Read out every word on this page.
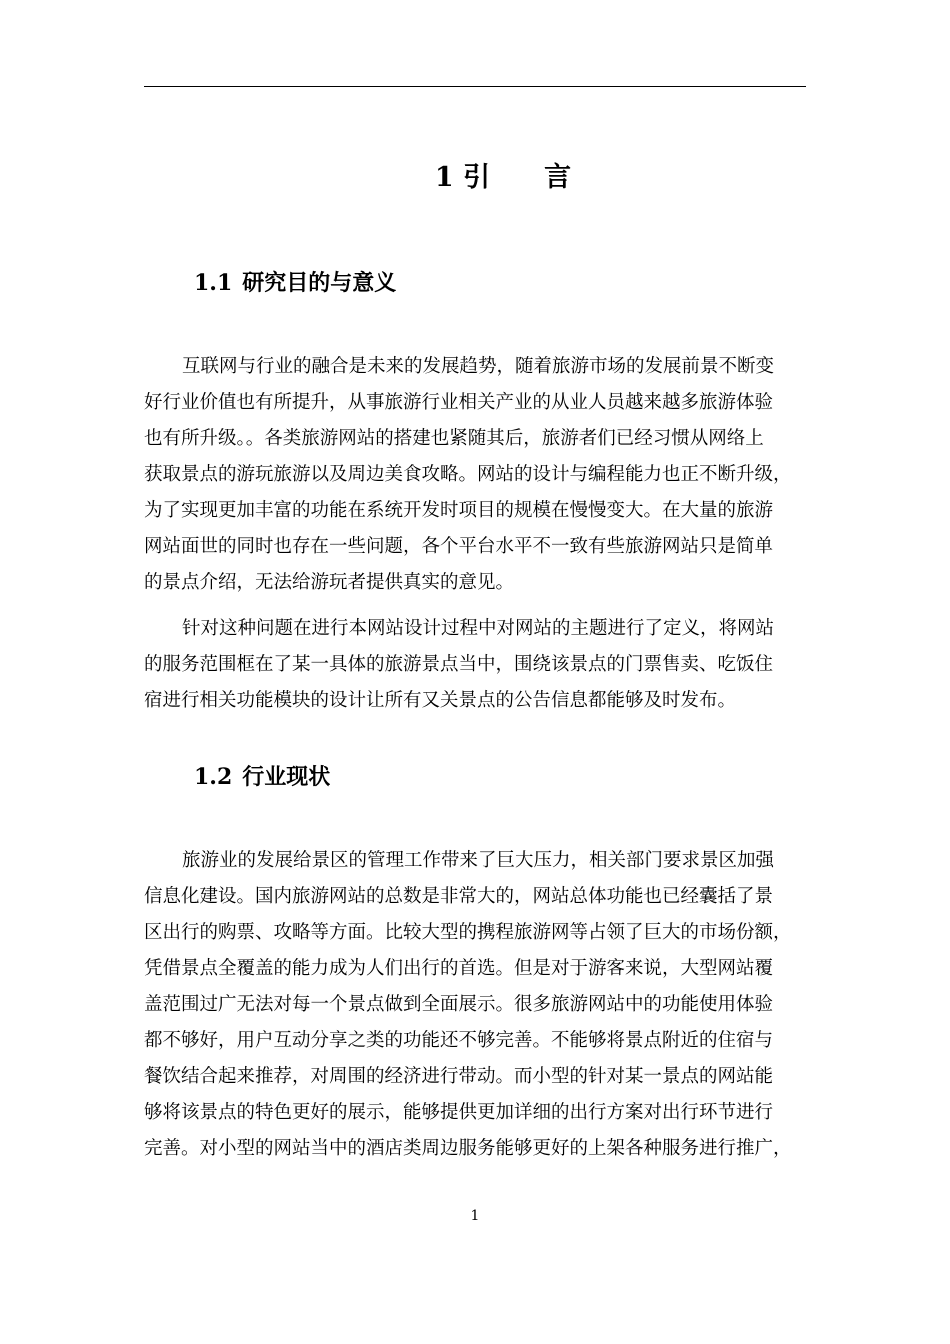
1 引　　言
1.1 研究目的与意义
互联网与行业的融合是未来的发展趋势，随着旅游市场的发展前景不断变
好行业价值也有所提升，从事旅游行业相关产业的从业人员越来越多旅游体验
也有所升级。。各类旅游网站的搭建也紧随其后，旅游者们已经习惯从网络上
获取景点的游玩旅游以及周边美食攻略。网站的设计与编程能力也正不断升级，
为了实现更加丰富的功能在系统开发时项目的规模在慢慢变大。在大量的旅游
网站面世的同时也存在一些问题，各个平台水平不一致有些旅游网站只是简单
的景点介绍，无法给游玩者提供真实的意见。
针对这种问题在进行本网站设计过程中对网站的主题进行了定义，将网站
的服务范围框在了某一具体的旅游景点当中，围绕该景点的门票售卖、吃饭住
宿进行相关功能模块的设计让所有又关景点的公告信息都能够及时发布。
1.2 行业现状
旅游业的发展给景区的管理工作带来了巨大压力，相关部门要求景区加强
信息化建设。国内旅游网站的总数是非常大的，网站总体功能也已经囊括了景
区出行的购票、攻略等方面。比较大型的携程旅游网等占领了巨大的市场份额，
凭借景点全覆盖的能力成为人们出行的首选。但是对于游客来说，大型网站覆
盖范围过广无法对每一个景点做到全面展示。很多旅游网站中的功能使用体验
都不够好，用户互动分享之类的功能还不够完善。不能够将景点附近的住宿与
餐饮结合起来推荐，对周围的经济进行带动。而小型的针对某一景点的网站能
够将该景点的特色更好的展示，能够提供更加详细的出行方案对出行环节进行
完善。对小型的网站当中的酒店类周边服务能够更好的上架各种服务进行推广，
1
